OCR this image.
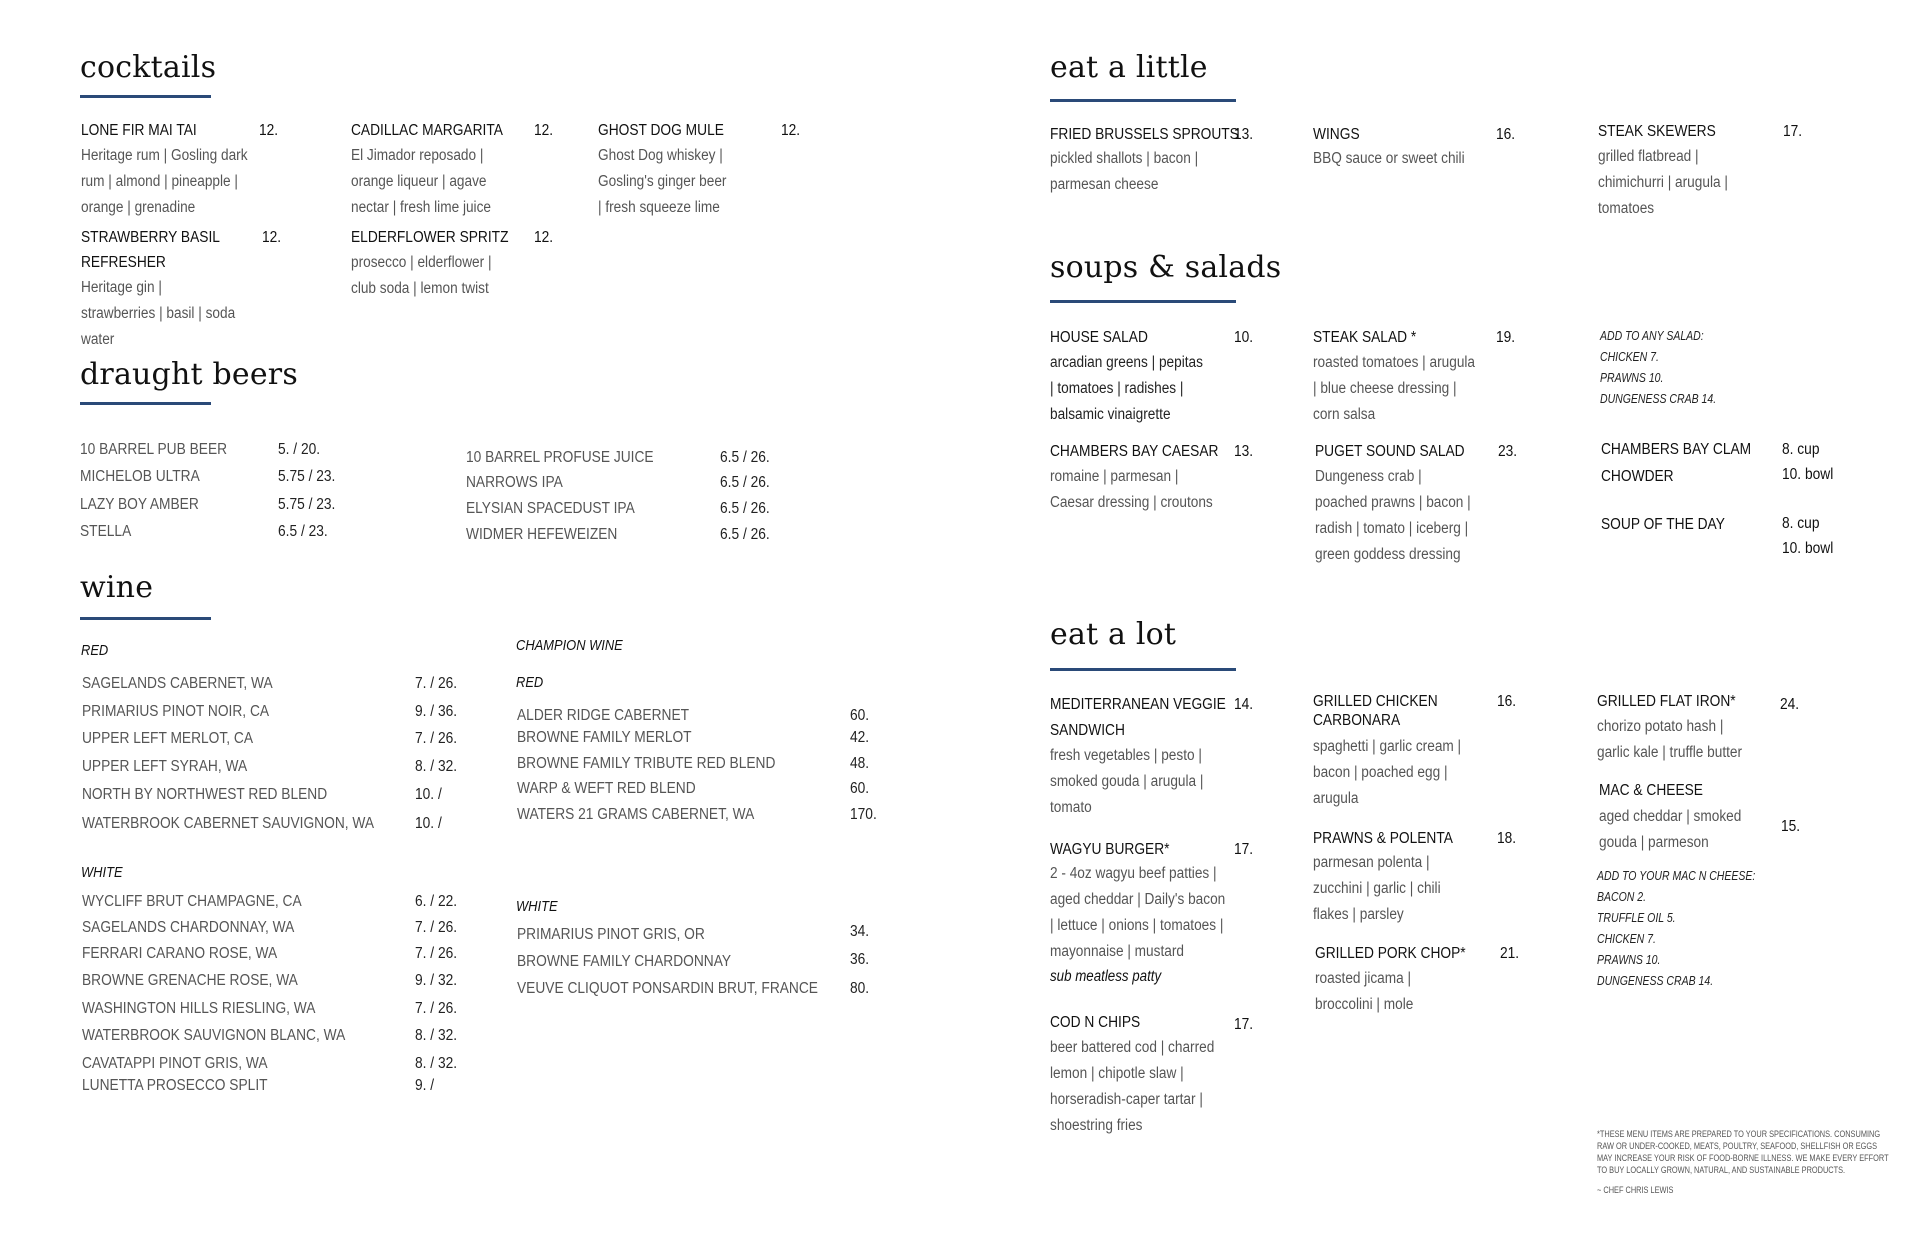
cocktails
LONE FIR MAI TAI	12.
Heritage rum | Gosling dark rum | almond | pineapple | orange | grenadine
CADILLAC MARGARITA 12.
El Jimador reposado | orange liqueur | agave nectar | fresh lime juice
GHOST DOG MULE	12.
Ghost Dog whiskey | Gosling's ginger beer | fresh squeeze lime
STRAWBERRY BASIL
REFRESHER
12.
Heritage gin | strawberries | basil | soda water
ELDERFLOWER SPRITZ 12.
prosecco | elderflower | club soda | lemon twist
draught beers
10 BARREL PUB BEER	5. / 20.
MICHELOB ULTRA	5.75 / 23.
LAZY BOY AMBER	5.75 / 23.
STELLA	6.5 / 23.
10 BARREL PROFUSE JUICE	6.5 / 26.
NARROWS IPA	6.5 / 26.
ELYSIAN SPACEDUST IPA	6.5 / 26.
WIDMER HEFEWEIZEN	6.5 / 26.
wine
RED
SAGELANDS CABERNET, WA	7. / 26.
PRIMARIUS PINOT NOIR, CA	9. / 36.
UPPER LEFT MERLOT, CA	7. / 26.
UPPER LEFT SYRAH, WA	8. / 32.
NORTH BY NORTHWEST RED BLEND	10. /
WATERBROOK CABERNET SAUVIGNON, WA	10. /
WHITE
WYCLIFF BRUT CHAMPAGNE, CA	6. / 22.
SAGELANDS CHARDONNAY, WA	7. / 26.
FERRARI CARANO ROSE, WA	7. / 26.
BROWNE GRENACHE ROSE, WA	9. / 32.
WASHINGTON HILLS RIESLING, WA	7. / 26.
WATERBROOK SAUVIGNON BLANC, WA	8. / 32.
CAVATAPPI PINOT GRIS, WA	8. / 32.
LUNETTA PROSECCO SPLIT	9. /
CHAMPION WINE
RED
ALDER RIDGE CABERNET	60.
BROWNE FAMILY MERLOT	42.
BROWNE FAMILY TRIBUTE RED BLEND	48.
WARP & WEFT RED BLEND	60.
WATERS 21 GRAMS CABERNET, WA	170.
WHITE
PRIMARIUS PINOT GRIS, OR	34.
BROWNE FAMILY CHARDONNAY	36.
VEUVE CLIQUOT PONSARDIN BRUT, FRANCE 80.
eat a little
FRIED BRUSSELS SPROUTS
13.
pickled shallots | bacon | parmesan cheese
WINGS	16.
BBQ sauce or sweet chili
STEAK SKEWERS	17.
grilled flatbread | chimichurri | arugula | tomatoes
soups & salads
HOUSE SALAD	10.
arcadian greens | pepitas | tomatoes | radishes | balsamic vinaigrette
STEAK SALAD *	19.
roasted tomatoes | arugula | blue cheese dressing | corn salsa
CHAMBERS BAY CAESAR 13.
romaine | parmesan | Caesar dressing | croutons
PUGET SOUND SALAD 23.
Dungeness crab | poached prawns | bacon | radish | tomato | iceberg | green goddess dressing
ADD TO ANY SALAD:
CHICKEN 7.
PRAWNS 10.
DUNGENESS CRAB 14.
CHAMBERS BAY CLAM
CHOWDER
8. cup
10. bowl
SOUP OF THE DAY	8. cup
10. bowl
eat a lot
MEDITERRANEAN VEGGIE
SANDWICH
14.
fresh vegetables | pesto | smoked gouda | arugula | tomato
WAGYU BURGER*	17.
2 - 4oz wagyu beef patties | aged cheddar | Daily's bacon | lettuce | onions | tomatoes | mayonnaise | mustard
sub meatless patty
COD N CHIPS	17.
beer battered cod | charred lemon | chipotle slaw | horseradish-caper tartar | shoestring fries
GRILLED CHICKEN
CARBONARA
16.
spaghetti | garlic cream | bacon | poached egg | arugula
PRAWNS & POLENTA	18.
parmesan polenta | zucchini | garlic | chili flakes | parsley
GRILLED PORK CHOP* 21.
roasted jicama | broccolini | mole
GRILLED FLAT IRON*	24.
chorizo potato hash | garlic kale | truffle butter
MAC & CHEESE
15.
aged cheddar | smoked gouda | parmeson
ADD TO YOUR MAC N CHEESE:
BACON 2.
TRUFFLE OIL 5.
CHICKEN 7.
PRAWNS 10.
DUNGENESS CRAB 14.
*THESE MENU ITEMS ARE PREPARED TO YOUR SPECIFICATIONS. CONSUMING RAW OR UNDER-COOKED, MEATS, POULTRY, SEAFOOD, SHELLFISH OR EGGS MAY INCREASE YOUR RISK OF FOOD-BORNE ILLNESS. WE MAKE EVERY EFFORT TO BUY LOCALLY GROWN, NATURAL, AND SUSTAINABLE PRODUCTS.
~ CHEF CHRIS LEWIS
